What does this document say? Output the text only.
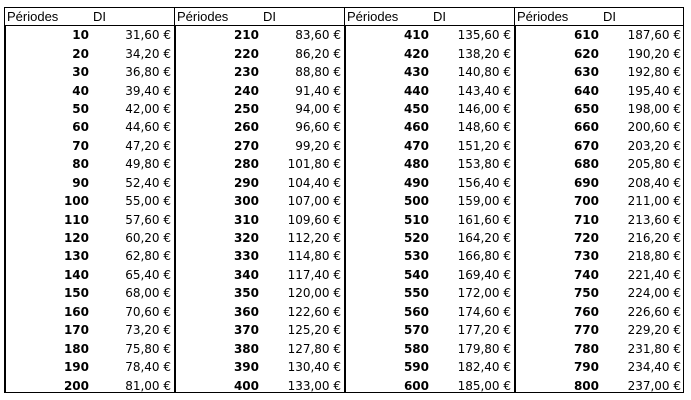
Périodes	DI
10	31,60 €
20	34,20 €
30	36,80 €
40	39,40 €
50	42,00 €
60	44,60 €
70	47,20 €
80	49,80 €
90	52,40 €
100	55,00 €
110	57,60 €
120	60,20 €
130	62,80 €
140	65,40 €
150	68,00 €
160	70,60 €
170	73,20 €
180	75,80 €
190	78,40 €
200	81,00 €
Périodes	DI
210	83,60 €
220	86,20 €
230	88,80 €
240	91,40 €
250	94,00 €
260	96,60 €
270	99,20 €
280	101,80 €
290	104,40 €
300	107,00 €
310	109,60 €
320	112,20 €
330	114,80 €
340	117,40 €
350	120,00 €
360	122,60 €
370	125,20 €
380	127,80 €
390	130,40 €
400	133,00 €
Périodes	DI
410	135,60 €
420	138,20 €
430	140,80 €
440	143,40 €
450	146,00 €
460	148,60 €
470	151,20 €
480	153,80 €
490	156,40 €
500	159,00 €
510	161,60 €
520	164,20 €
530	166,80 €
540	169,40 €
550	172,00 €
560	174,60 €
570	177,20 €
580	179,80 €
590	182,40 €
600	185,00 €
Périodes	DI
610	187,60 €
620	190,20 €
630	192,80 €
640	195,40 €
650	198,00 €
660	200,60 €
670	203,20 €
680	205,80 €
690	208,40 €
700	211,00 €
710	213,60 €
720	216,20 €
730	218,80 €
740	221,40 €
750	224,00 €
760	226,60 €
770	229,20 €
780	231,80 €
790	234,40 €
800	237,00 €
